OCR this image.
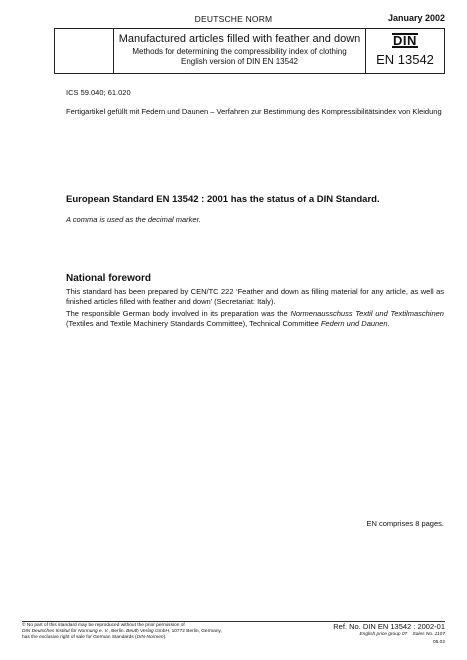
DEUTSCHE NORM	January 2002
Manufactured articles filled with feather and down
Methods for determining the compressibility index of clothing
English version of DIN EN 13542
DIN
EN 13542
ICS 59.040; 61.020
Fertigartikel gefüllt mit Federn und Daunen – Verfahren zur Bestimmung des Kompressibilitätsindex von Kleidung
European Standard EN 13542 : 2001 has the status of a DIN Standard.
A comma is used as the decimal marker.
National foreword
This standard has been prepared by CEN/TC 222 ‘Feather and down as filling material for any article, as well as finished articles filled with feather and down’ (Secretariat: Italy).
The responsible German body involved in its preparation was the Normenausschuss Textil und Textilmaschinen (Textiles and Textile Machinery Standards Committee), Technical Committee Federn und Daunen.
EN comprises 8 pages.
© No part of this standard may be reproduced without the prior permission of
DIN Deutsches Institut für Normung e. V., Berlin. Beuth Verlag GmbH, 10772 Berlin, Germany,
has the exclusive right of sale for German Standards (DIN-Normen).
Ref. No. DIN EN 13542 : 2002-01
English price group 07 Sales No. 1107
05.02
